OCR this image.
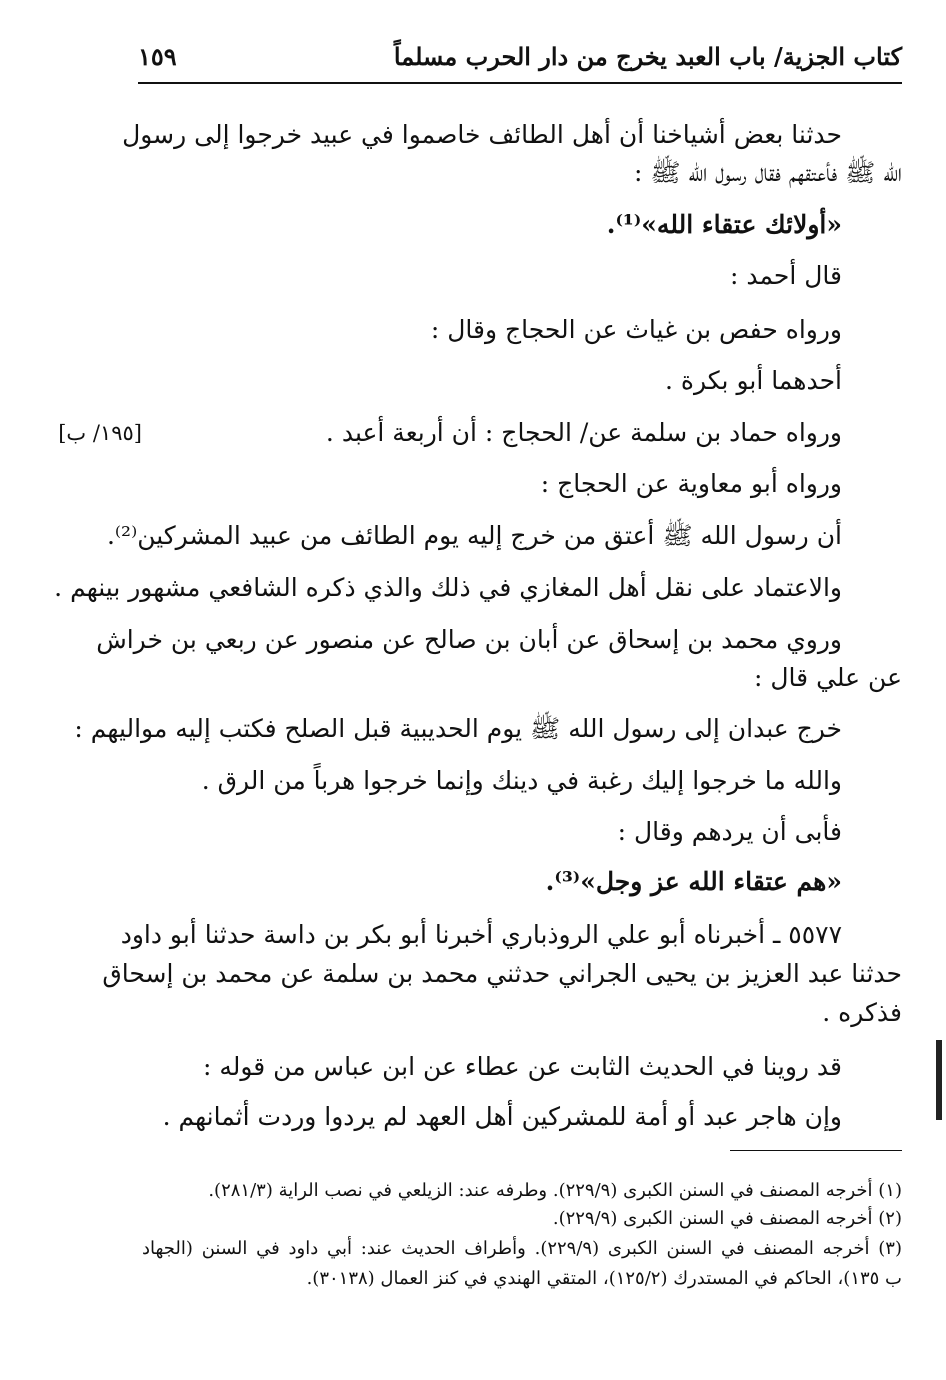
كتاب الجزية/ باب العبد يخرج من دار الحرب مسلماً
١٥٩
حدثنا بعض أشياخنا أن أهل الطائف خاصموا في عبيد خرجوا إلى رسول
الله ﷺ فأعتقهم فقال رسول الله ﷺ :
«أولائك عتقاء الله»⁽¹⁾.
قال أحمد :
ورواه حفص بن غياث عن الحجاج وقال :
أحدهما أبو بكرة .
ورواه حماد بن سلمة عن/ الحجاج : أن أربعة أعبد .
ورواه أبو معاوية عن الحجاج :
أن رسول الله ﷺ أعتق من خرج إليه يوم الطائف من عبيد المشركين⁽²⁾.
والاعتماد على نقل أهل المغازي في ذلك والذي ذكره الشافعي مشهور بينهم .
وروي محمد بن إسحاق عن أبان بن صالح عن منصور عن ربعي بن خراش
عن علي قال :
خرج عبدان إلى رسول الله ﷺ يوم الحديبية قبل الصلح فكتب إليه مواليهم :
والله ما خرجوا إليك رغبة في دينك وإنما خرجوا هرباً من الرق .
فأبى أن يردهم وقال :
«هم عتقاء الله عز وجل»⁽³⁾.
٥٥٧٧ ـ أخبرناه أبو علي الروذباري أخبرنا أبو بكر بن داسة حدثنا أبو داود
حدثنا عبد العزيز بن يحيى الجراني حدثني محمد بن سلمة عن محمد بن إسحاق
فذكره .
قد روينا في الحديث الثابت عن عطاء عن ابن عباس من قوله :
وإن هاجر عبد أو أمة للمشركين أهل العهد لم يردوا وردت أثمانهم .
[١٩٥/ ب]
(١) أخرجه المصنف في السنن الكبرى (٢٢٩/٩). وطرفه عند: الزيلعي في نصب الراية (٢٨١/٣).
(٢) أخرجه المصنف في السنن الكبرى (٢٢٩/٩).
(٣) أخرجه المصنف في السنن الكبرى (٢٢٩/٩). وأطراف الحديث عند: أبي داود في السنن (الجهاد
ب ١٣٥)، الحاكم في المستدرك (١٢٥/٢)، المتقي الهندي في كنز العمال (٣٠١٣٨).
